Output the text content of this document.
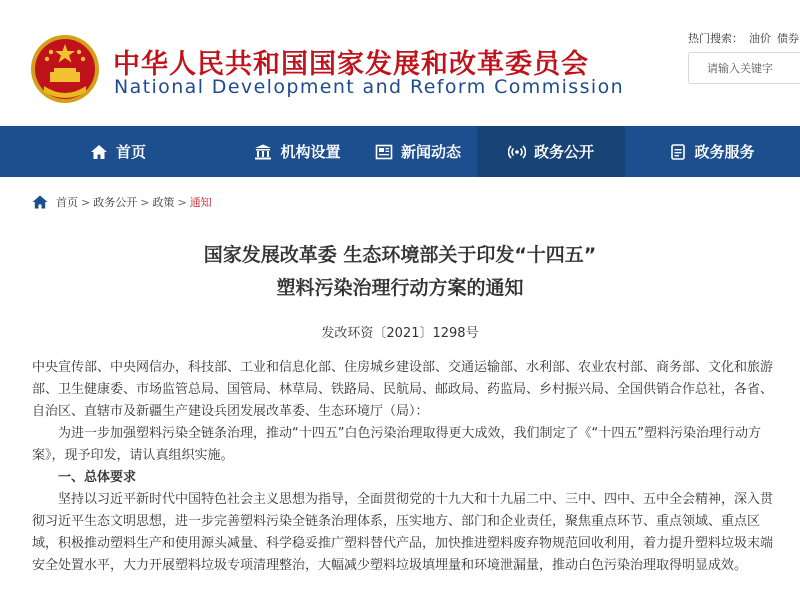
中华人民共和国国家发展和改革委员会
National Development and Reform Commission
热门搜索： 油价 债券
请输入关键字
首页	机构设置	新闻动态	政务公开	政务服务
首页 > 政务公开 > 政策 > 通知
国家发展改革委 生态环境部关于印发“十四五”
塑料污染治理行动方案的通知
发改环资〔2021〕1298号

中央宣传部、中央网信办，科技部、工业和信息化部、住房城乡建设部、交通运输部、水利部、农业农村部、商务部、文化和旅游部、卫生健康委、市场监管总局、国管局、林草局、铁路局、民航局、邮政局、药监局、乡村振兴局、全国供销合作总社，各省、自治区、直辖市及新疆生产建设兵团发展改革委、生态环境厅（局）：

为进一步加强塑料污染全链条治理，推动“十四五”白色污染治理取得更大成效，我们制定了《“十四五”塑料污染治理行动方案》，现予印发，请认真组织实施。

一、总体要求

坚持以习近平新时代中国特色社会主义思想为指导，全面贯彻党的十九大和十九届二中、三中、四中、五中全会精神，深入贯彻习近平生态文明思想，进一步完善塑料污染全链条治理体系，压实地方、部门和企业责任，聚焦重点环节、重点领域、重点区域，积极推动塑料生产和使用源头减量、科学稳妥推广塑料替代产品，加快推进塑料废弃物规范回收利用，着力提升塑料垃圾末端安全处置水平，大力开展塑料垃圾专项清理整治，大幅减少塑料垃圾填埋量和环境泄漏量，推动白色污染治理取得明显成效。
